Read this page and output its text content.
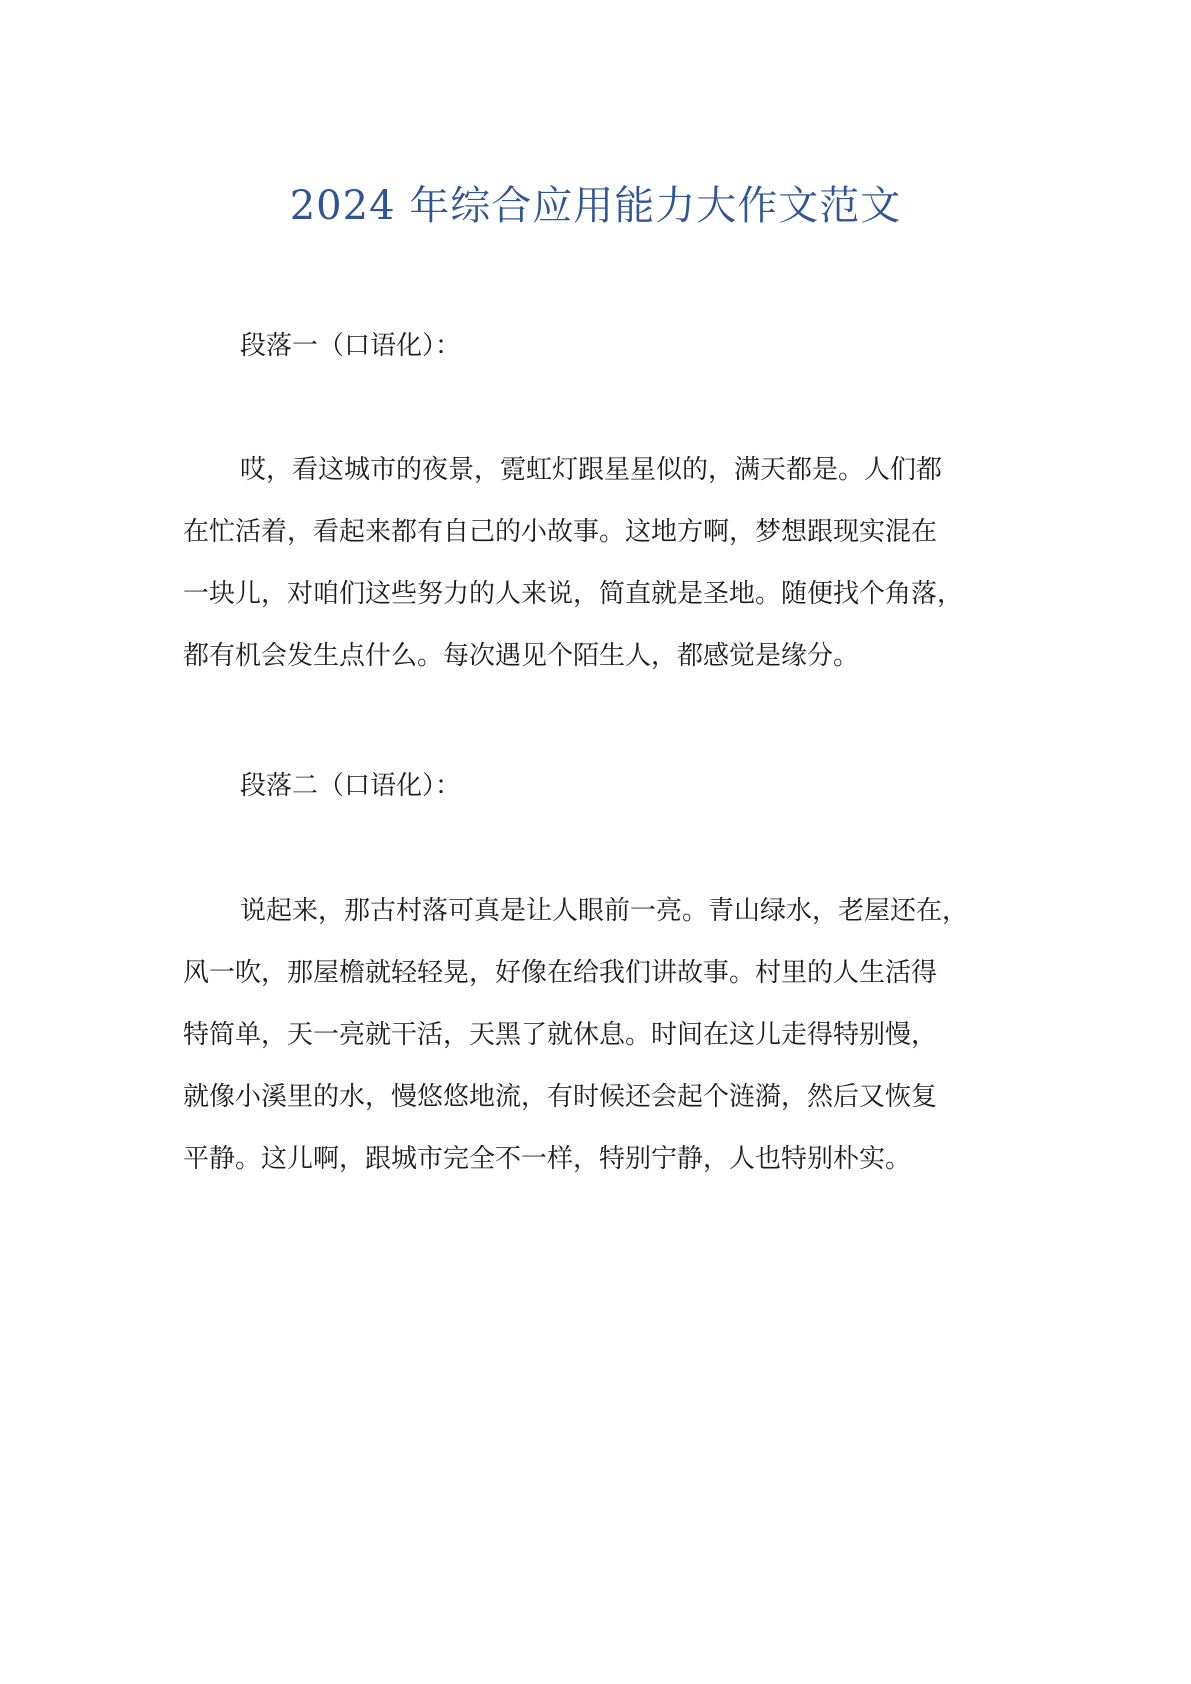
2024 年综合应用能力大作文范文
段落一（口语化）：
哎，看这城市的夜景，霓虹灯跟星星似的，满天都是。人们都
在忙活着，看起来都有自己的小故事。这地方啊，梦想跟现实混在
一块儿，对咱们这些努力的人来说，简直就是圣地。随便找个角落，
都有机会发生点什么。每次遇见个陌生人，都感觉是缘分。
段落二（口语化）：
说起来，那古村落可真是让人眼前一亮。青山绿水，老屋还在，
风一吹，那屋檐就轻轻晃，好像在给我们讲故事。村里的人生活得
特简单，天一亮就干活，天黑了就休息。时间在这儿走得特别慢，
就像小溪里的水，慢悠悠地流，有时候还会起个涟漪，然后又恢复
平静。这儿啊，跟城市完全不一样，特别宁静，人也特别朴实。
